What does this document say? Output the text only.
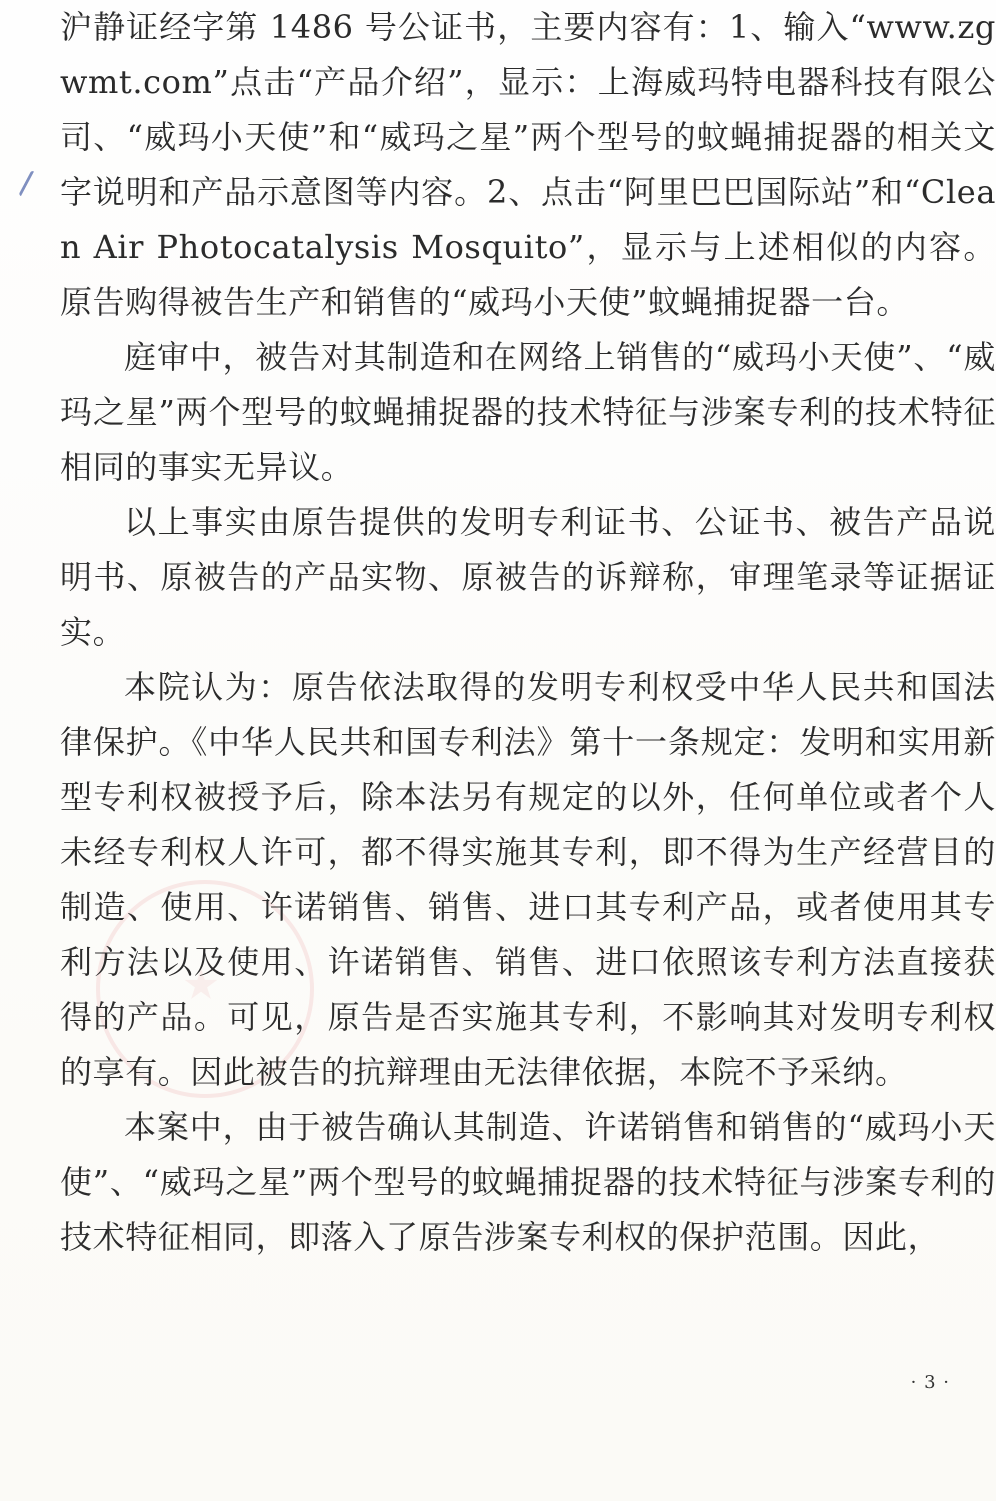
沪静证经字第 1486 号公证书，主要内容有：1、输入“www.zgwmt.com”点击“产品介绍”，显示：上海威玛特电器科技有限公司、“威玛小天使”和“威玛之星”两个型号的蚊蝇捕捉器的相关文字说明和产品示意图等内容。2、点击“阿里巴巴国际站”和“Clean Air Photocatalysis Mosquito”，显示与上述相似的内容。原告购得被告生产和销售的“威玛小天使”蚊蝇捕捉器一台。

庭审中，被告对其制造和在网络上销售的“威玛小天使”、“威玛之星”两个型号的蚊蝇捕捉器的技术特征与涉案专利的技术特征相同的事实无异议。

以上事实由原告提供的发明专利证书、公证书、被告产品说明书、原被告的产品实物、原被告的诉辩称，审理笔录等证据证实。

本院认为：原告依法取得的发明专利权受中华人民共和国法律保护。《中华人民共和国专利法》第十一条规定：发明和实用新型专利权被授予后，除本法另有规定的以外，任何单位或者个人未经专利权人许可，都不得实施其专利，即不得为生产经营目的制造、使用、许诺销售、销售、进口其专利产品，或者使用其专利方法以及使用、许诺销售、销售、进口依照该专利方法直接获得的产品。可见，原告是否实施其专利，不影响其对发明专利权的享有。因此被告的抗辩理由无法律依据，本院不予采纳。

本案中，由于被告确认其制造、许诺销售和销售的“威玛小天使”、“威玛之星”两个型号的蚊蝇捕捉器的技术特征与涉案专利的技术特征相同，即落入了原告涉案专利权的保护范围。因此，

· 3 ·
